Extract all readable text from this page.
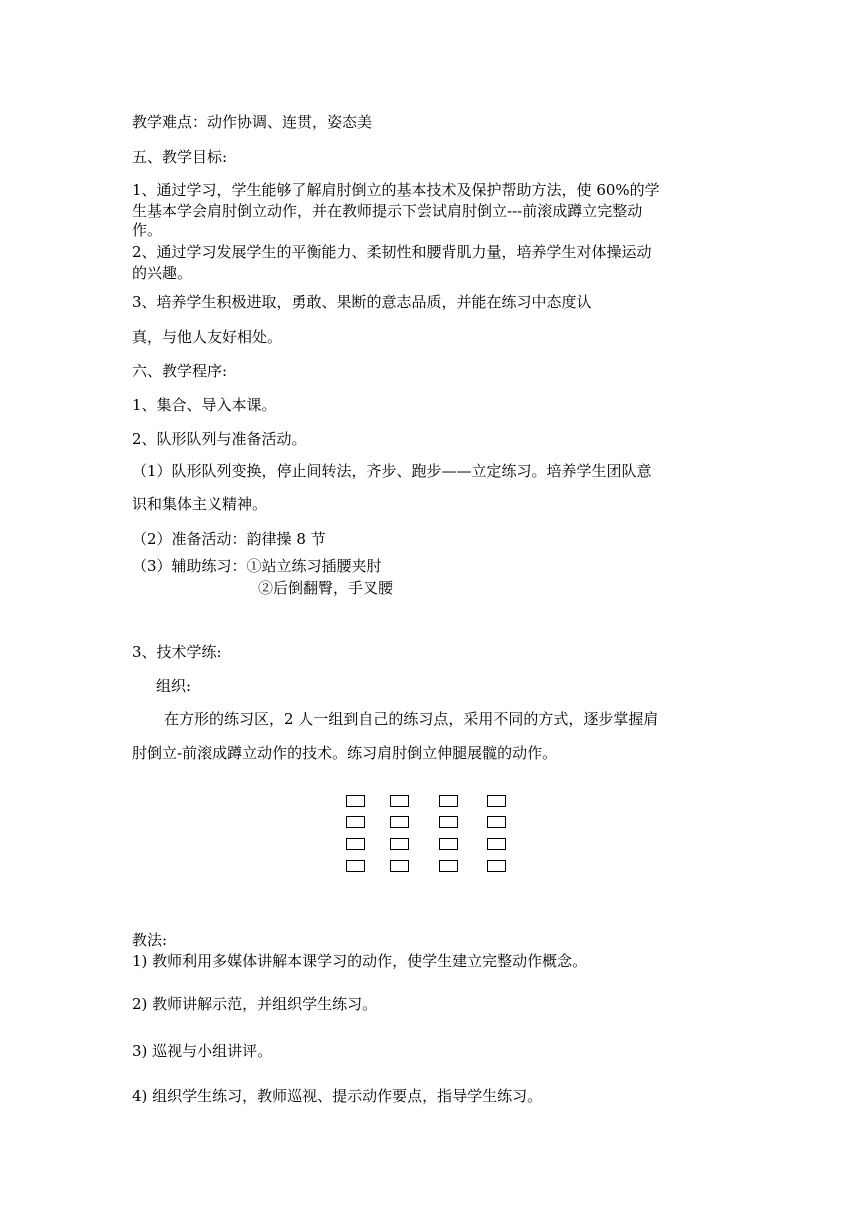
教学难点：动作协调、连贯，姿态美
五、教学目标:
1、通过学习，学生能够了解肩肘倒立的基本技术及保护帮助方法，使 60%的学
生基本学会肩肘倒立动作，并在教师提示下尝试肩肘倒立---前滚成蹲立完整动
作。
2、通过学习发展学生的平衡能力、柔韧性和腰背肌力量，培养学生对体操运动
的兴趣。
3、培养学生积极进取，勇敢、果断的意志品质，并能在练习中态度认
真，与他人友好相处。
六、教学程序:
1、集合、导入本课。
2、队形队列与准备活动。
（1）队形队列变换，停止间转法，齐步、跑步——立定练习。培养学生团队意
识和集体主义精神。
（2）准备活动：韵律操 8 节
（3）辅助练习：①站立练习插腰夹肘
②后倒翻臀，手叉腰
3、技术学练:
组织:
在方形的练习区，2 人一组到自己的练习点，采用不同的方式，逐步掌握肩
肘倒立-前滚成蹲立动作的技术。练习肩肘倒立伸腿展髋的动作。
教法:
1) 教师利用多媒体讲解本课学习的动作，使学生建立完整动作概念。
2) 教师讲解示范，并组织学生练习。
3) 巡视与小组讲评。
4) 组织学生练习，教师巡视、提示动作要点，指导学生练习。
